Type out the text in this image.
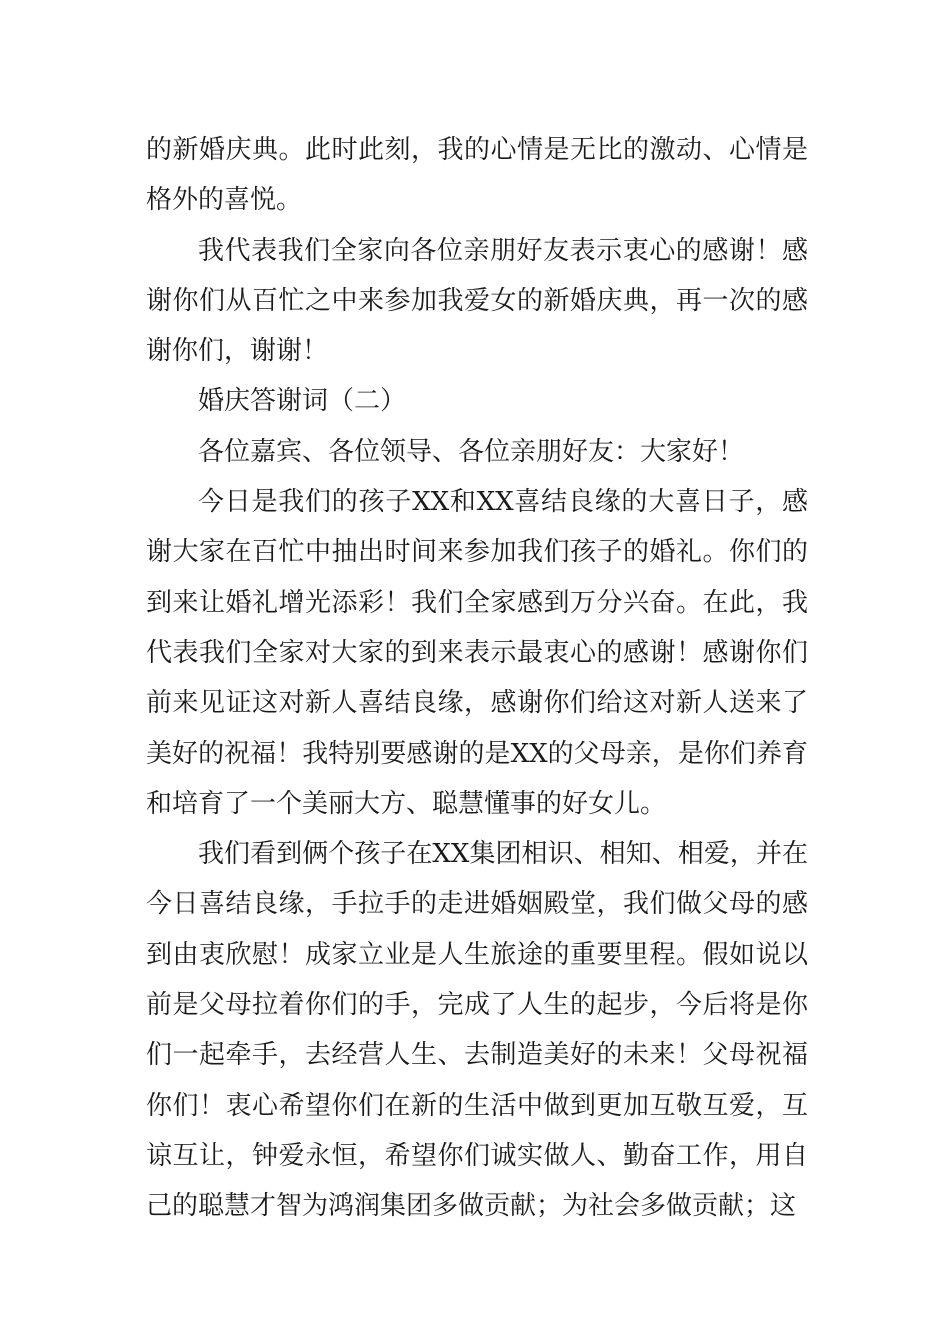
的新婚庆典。此时此刻，我的心情是无比的激动、心情是格外的喜悦。

我代表我们全家向各位亲朋好友表示衷心的感谢！感谢你们从百忙之中来参加我爱女的新婚庆典，再一次的感谢你们，谢谢！

婚庆答谢词（二）

各位嘉宾、各位领导、各位亲朋好友：大家好！

今日是我们的孩子XX和XX喜结良缘的大喜日子，感谢大家在百忙中抽出时间来参加我们孩子的婚礼。你们的到来让婚礼增光添彩！我们全家感到万分兴奋。在此，我代表我们全家对大家的到来表示最衷心的感谢！感谢你们前来见证这对新人喜结良缘，感谢你们给这对新人送来了美好的祝福！我特别要感谢的是XX的父母亲，是你们养育和培育了一个美丽大方、聪慧懂事的好女儿。

我们看到俩个孩子在XX集团相识、相知、相爱，并在今日喜结良缘，手拉手的走进婚姻殿堂，我们做父母的感到由衷欣慰！成家立业是人生旅途的重要里程。假如说以前是父母拉着你们的手，完成了人生的起步，今后将是你们一起牵手，去经营人生、去制造美好的未来！父母祝福你们！衷心希望你们在新的生活中做到更加互敬互爱，互谅互让，钟爱永恒，希望你们诚实做人、勤奋工作，用自己的聪慧才智为鸿润集团多做贡献；为社会多做贡献；这
